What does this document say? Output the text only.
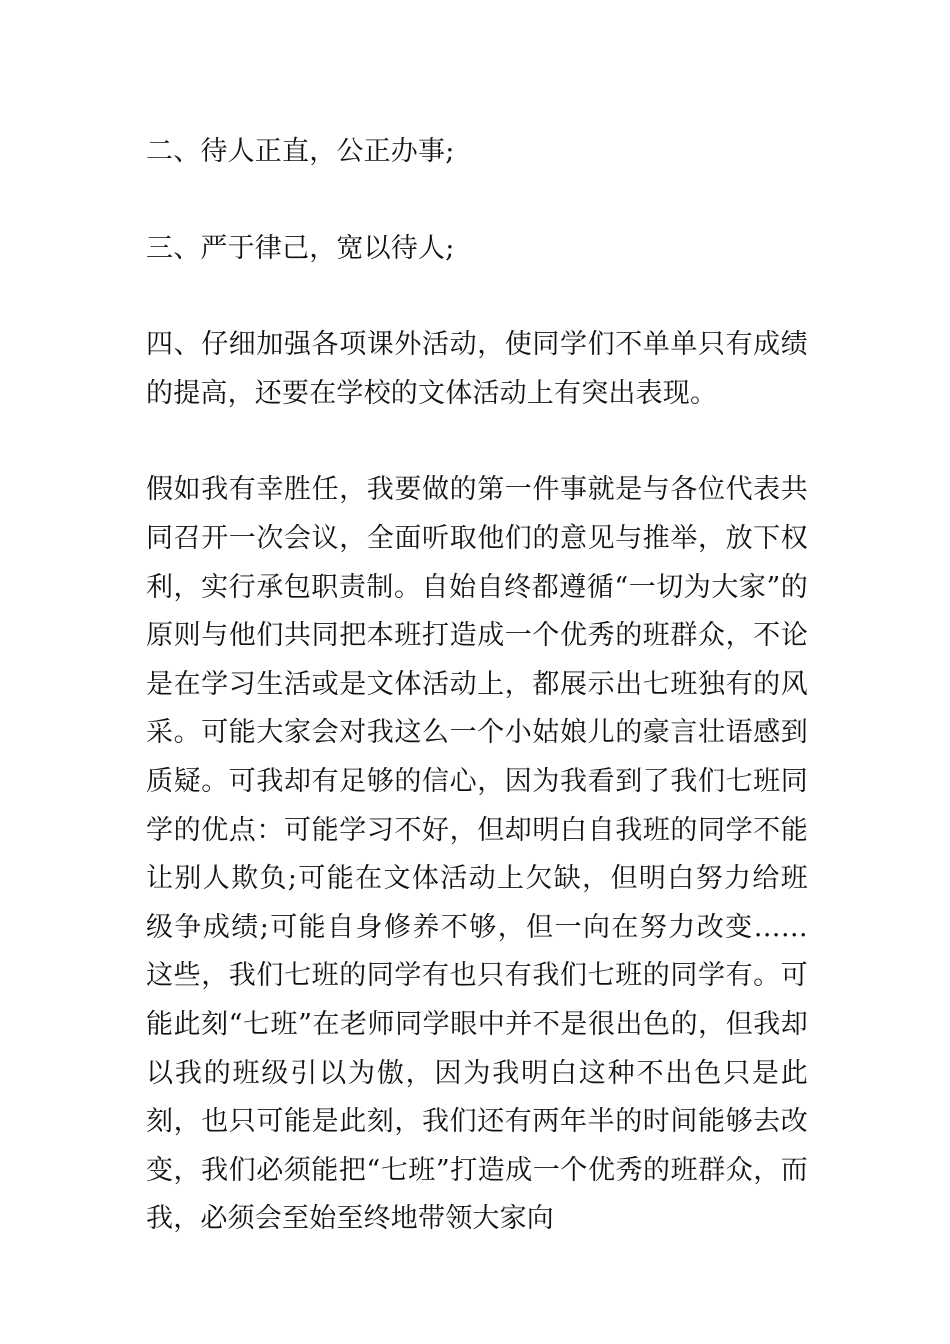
二、待人正直，公正办事;

三、严于律己，宽以待人;

四、仔细加强各项课外活动，使同学们不单单只有成绩的提高，还要在学校的文体活动上有突出表现。

假如我有幸胜任，我要做的第一件事就是与各位代表共同召开一次会议，全面听取他们的意见与推举，放下权利，实行承包职责制。自始自终都遵循“一切为大家”的原则与他们共同把本班打造成一个优秀的班群众，不论是在学习生活或是文体活动上，都展示出七班独有的风采。可能大家会对我这么一个小姑娘儿的豪言壮语感到质疑。可我却有足够的信心，因为我看到了我们七班同学的优点：可能学习不好，但却明白自我班的同学不能让别人欺负;可能在文体活动上欠缺，但明白努力给班级争成绩;可能自身修养不够，但一向在努力改变……这些，我们七班的同学有也只有我们七班的同学有。可能此刻“七班”在老师同学眼中并不是很出色的，但我却以我的班级引以为傲，因为我明白这种不出色只是此刻，也只可能是此刻，我们还有两年半的时间能够去改变，我们必须能把“七班”打造成一个优秀的班群众，而我，必须会至始至终地带领大家向
